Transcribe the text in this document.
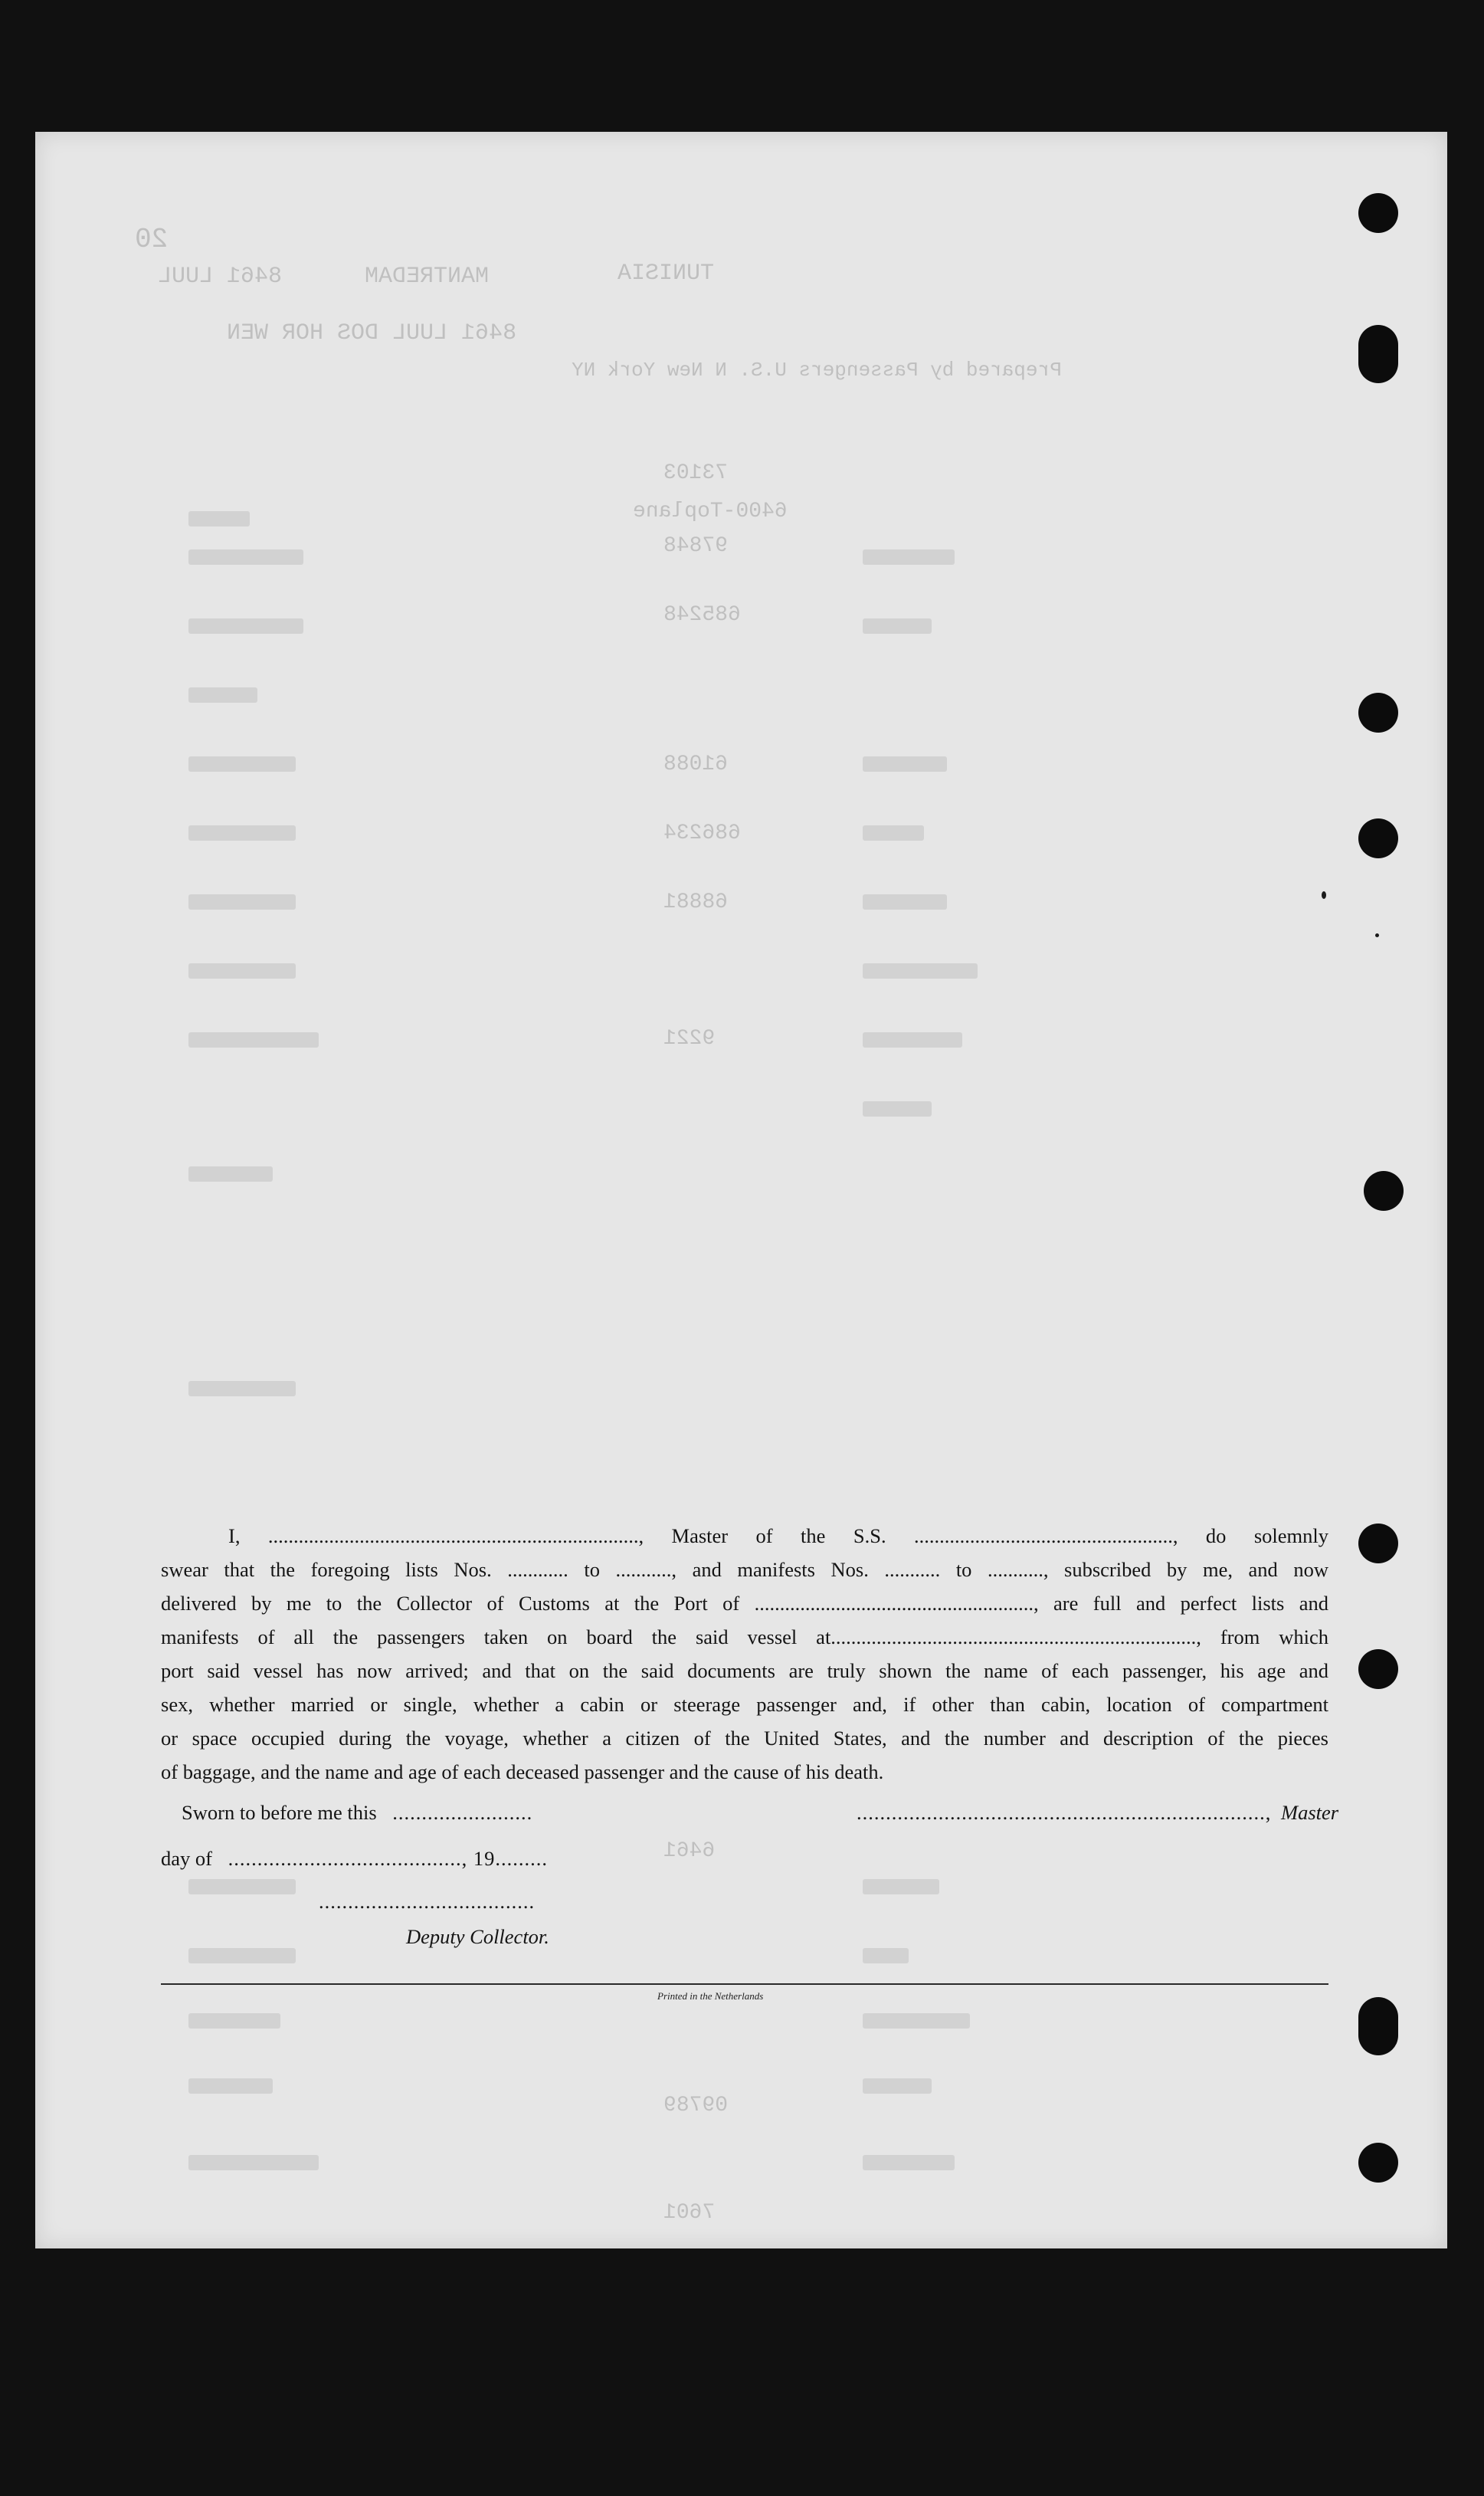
20
TUNISIA
MANTREDAM
8461 LUUL
8461 LUUL DOS HOR WEN
Prepared by Passengers U.S. N New York NY
73103
6400-Toplane
97848
685248
61088
686234
68881
9221
6461
09789
7601
I, ........................................................................., Master of the S.S. ..................................................., do solemnly
swear that the foregoing lists Nos. ............ to ..........., and manifests Nos. ........... to ..........., subscribed by me, and now
delivered by me to the Collector of Customs at the Port of ......................................................., are full and perfect lists and
manifests of all the passengers taken on board the said vessel at........................................................................, from which
port said vessel has now arrived; and that on the said documents are truly shown the name of each passenger, his age and
sex, whether married or single, whether a cabin or steerage passenger and, if other than cabin, location of compartment
or space occupied during the voyage, whether a citizen of the United States, and the number and description of the pieces
of baggage, and the name and age of each deceased passenger and the cause of his death.
Sworn to before me this ........................	......................................................................, Master
day of ........................................, 19.........
.....................................
Deputy Collector.
Printed in the Netherlands
